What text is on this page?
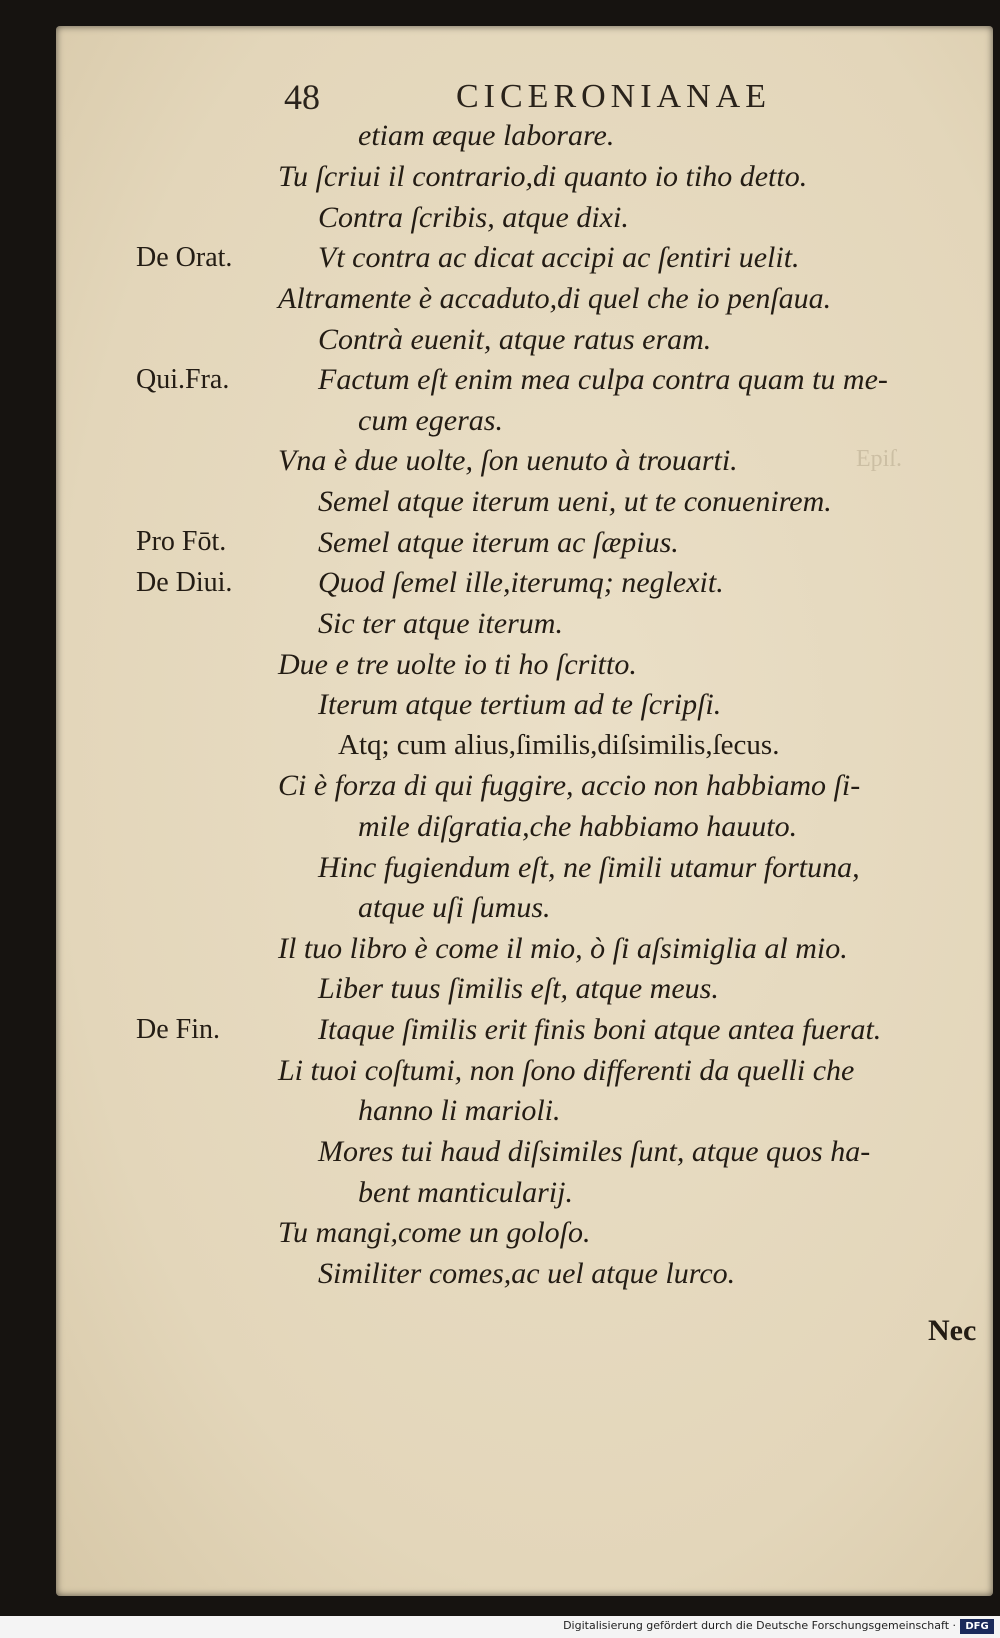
48	CICERONIANAE
Epiſ.
etiam æque laborare.
Tu ſcriui il contrario,di quanto io tiho detto.
Contra ſcribis, atque dixi.
Vt contra ac dicat accipi ac ſentiri uelit.
Altramente è accaduto,di quel che io penſaua.
Contrà euenit, atque ratus eram.
Factum eſt enim mea culpa contra quam tu me-
cum egeras.
Vna è due uolte, ſon uenuto à trouarti.
Semel atque iterum ueni, ut te conuenirem.
Semel atque iterum ac ſæpius.
Quod ſemel ille,iterumq; neglexit.
Sic ter atque iterum.
Due e tre uolte io ti ho ſcritto.
Iterum atque tertium ad te ſcripſi.
Atq; cum alius,ſimilis,diſsimilis,ſecus.
Ci è forza di qui fuggire, accio non habbiamo ſi-
mile diſgratia,che habbiamo hauuto.
Hinc fugiendum eſt, ne ſimili utamur fortuna,
atque uſi ſumus.
Il tuo libro è come il mio, ò ſi aſsimiglia al mio.
Liber tuus ſimilis eſt, atque meus.
Itaque ſimilis erit finis boni atque antea fuerat.
Li tuoi coſtumi, non ſono differenti da quelli che
hanno li marioli.
Mores tui haud diſsimiles ſunt, atque quos ha-
bent manticularij.
Tu mangi,come un goloſo.
Similiter comes,ac uel atque lurco.
De Orat.
Qui.Fra.
Pro Fōt.
De Diui.
De Fin.
Nec
Digitalisierung gefördert durch die Deutsche Forschungsgemeinschaft · DFG
